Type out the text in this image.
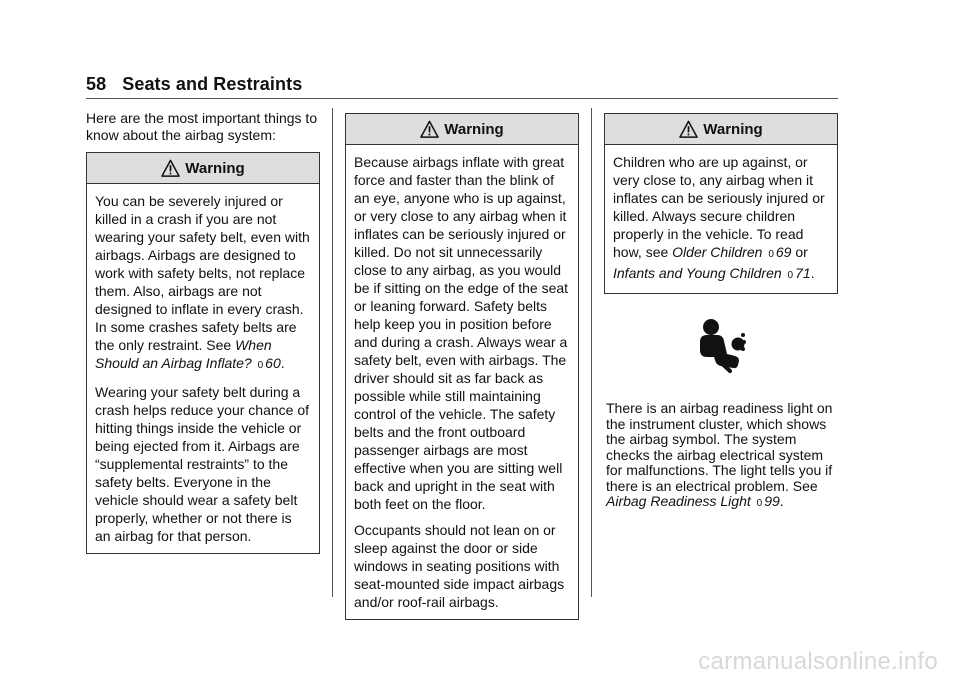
58 Seats and Restraints
Here are the most important things to know about the airbag system:
Warning

You can be severely injured or killed in a crash if you are not wearing your safety belt, even with airbags. Airbags are designed to work with safety belts, not replace them. Also, airbags are not designed to inflate in every crash. In some crashes safety belts are the only restraint. See When Should an Airbag Inflate? 0 60.

Wearing your safety belt during a crash helps reduce your chance of hitting things inside the vehicle or being ejected from it. Airbags are “supplemental restraints” to the safety belts. Everyone in the vehicle should wear a safety belt properly, whether or not there is an airbag for that person.

Warning

Because airbags inflate with great force and faster than the blink of an eye, anyone who is up against, or very close to any airbag when it inflates can be seriously injured or killed. Do not sit unnecessarily close to any airbag, as you would be if sitting on the edge of the seat or leaning forward. Safety belts help keep you in position before and during a crash. Always wear a safety belt, even with airbags. The driver should sit as far back as possible while still maintaining control of the vehicle. The safety belts and the front outboard passenger airbags are most effective when you are sitting well back and upright in the seat with both feet on the floor.

Occupants should not lean on or sleep against the door or side windows in seating positions with seat-mounted side impact airbags and/or roof-rail airbags.

Warning

Children who are up against, or very close to, any airbag when it inflates can be seriously injured or killed. Always secure children properly in the vehicle. To read how, see Older Children 0 69 or Infants and Young Children 0 71.

There is an airbag readiness light on the instrument cluster, which shows the airbag symbol. The system checks the airbag electrical system for malfunctions. The light tells you if there is an electrical problem. See Airbag Readiness Light 0 99.
carmanualsonline.info
